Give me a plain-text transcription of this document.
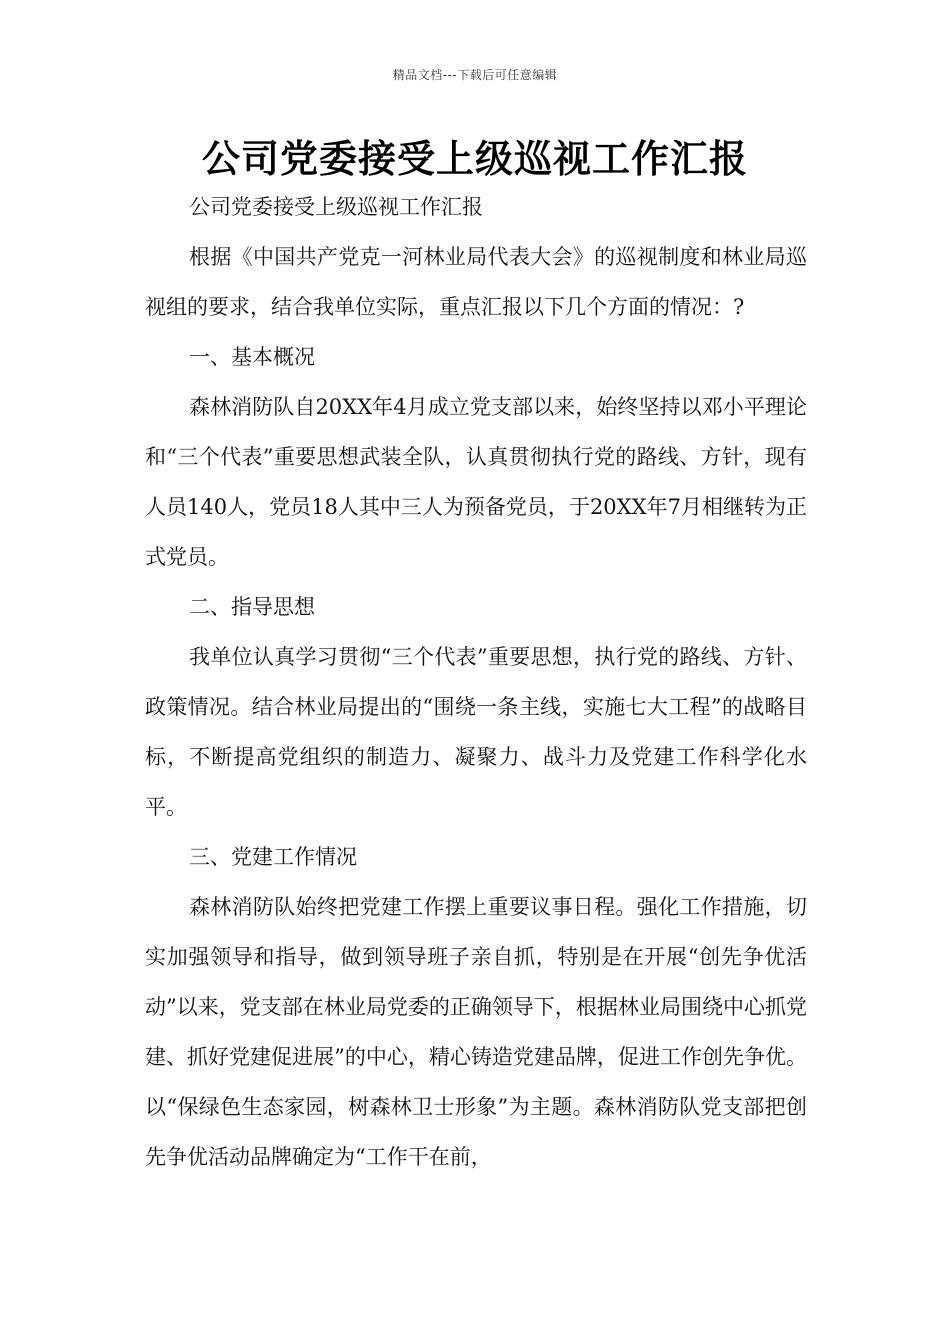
精品文档---下载后可任意编辑
公司党委接受上级巡视工作汇报

公司党委接受上级巡视工作汇报

根据《中国共产党克一河林业局代表大会》的巡视制度和林业局巡视组的要求，结合我单位实际，重点汇报以下几个方面的情况：?

一、基本概况

森林消防队自20XX年4月成立党支部以来，始终坚持以邓小平理论和“三个代表”重要思想武装全队，认真贯彻执行党的路线、方针，现有人员140人，党员18人其中三人为预备党员，于20XX年7月相继转为正式党员。

二、指导思想

我单位认真学习贯彻“三个代表”重要思想，执行党的路线、方针、政策情况。结合林业局提出的“围绕一条主线，实施七大工程”的战略目标，不断提高党组织的制造力、凝聚力、战斗力及党建工作科学化水平。

三、党建工作情况

森林消防队始终把党建工作摆上重要议事日程。强化工作措施，切实加强领导和指导，做到领导班子亲自抓，特别是在开展“创先争优活动”以来，党支部在林业局党委的正确领导下，根据林业局围绕中心抓党建、抓好党建促进展”的中心，精心铸造党建品牌，促进工作创先争优。以“保绿色生态家园，树森林卫士形象”为主题。森林消防队党支部把创先争优活动品牌确定为“工作干在前，
